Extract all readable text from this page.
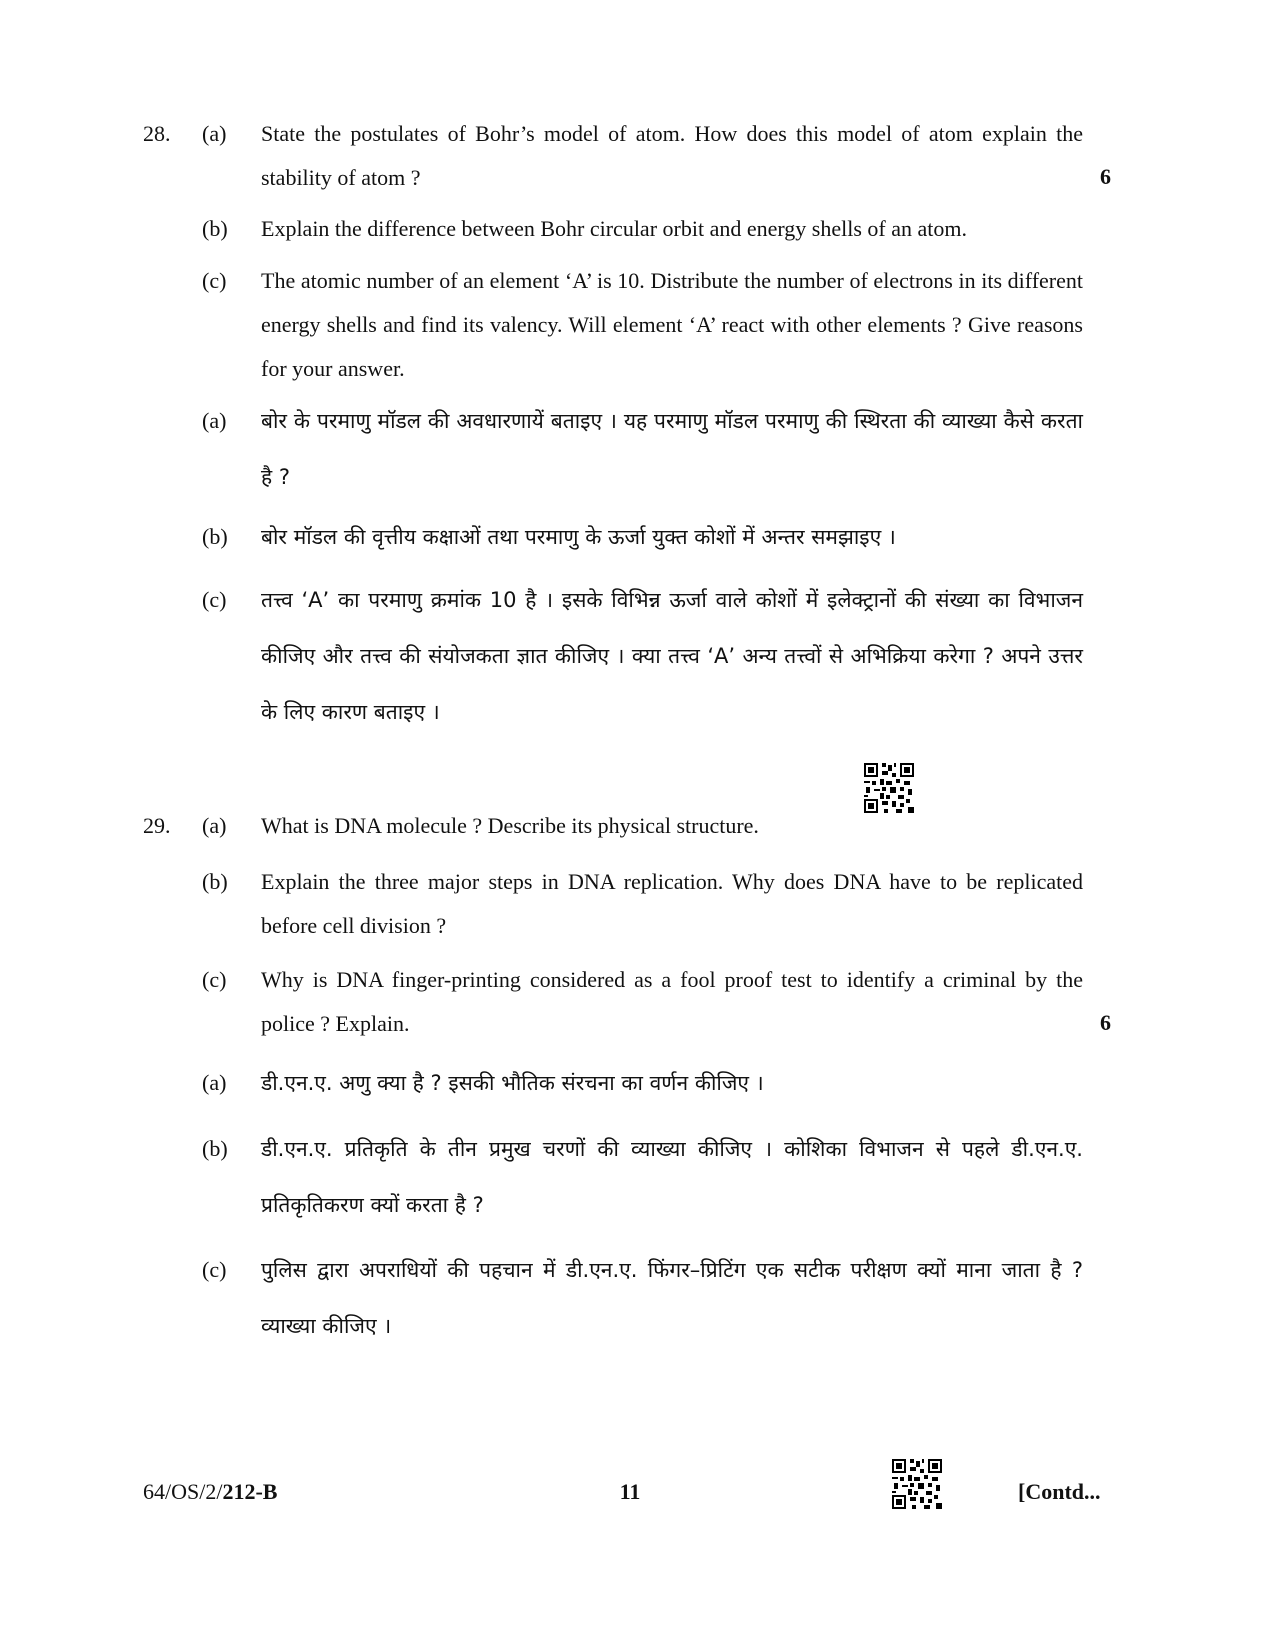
28. (a) State the postulates of Bohr’s model of atom. How does this model of atom explain the stability of atom ?	6
(b) Explain the difference between Bohr circular orbit and energy shells of an atom.
(c) The atomic number of an element ‘A’ is 10. Distribute the number of electrons in its different energy shells and find its valency. Will element ‘A’ react with other elements ? Give reasons for your answer.
(a) बोर के परमाणु मॉडल की अवधारणायें बताइए । यह परमाणु मॉडल परमाणु की स्थिरता की व्याख्या कैसे करता है ?
(b) बोर मॉडल की वृत्तीय कक्षाओं तथा परमाणु के ऊर्जा युक्त कोशों में अन्तर समझाइए ।
(c) तत्त्व ‘A’ का परमाणु क्रमांक 10 है । इसके विभिन्न ऊर्जा वाले कोशों में इलेक्ट्रानों की संख्या का विभाजन कीजिए और तत्त्व की संयोजकता ज्ञात कीजिए । क्या तत्त्व ‘A’ अन्य तत्त्वों से अभिक्रिया करेगा ? अपने उत्तर के लिए कारण बताइए ।
29. (a) What is DNA molecule ? Describe its physical structure.
(b) Explain the three major steps in DNA replication. Why does DNA have to be replicated before cell division ?
(c) Why is DNA finger-printing considered as a fool proof test to identify a criminal by the police ? Explain.	6
(a) डी.एन.ए. अणु क्या है ? इसकी भौतिक संरचना का वर्णन कीजिए ।
(b) डी.एन.ए. प्रतिकृति के तीन प्रमुख चरणों की व्याख्या कीजिए । कोशिका विभाजन से पहले डी.एन.ए. प्रतिकृतिकरण क्यों करता है ?
(c) पुलिस द्वारा अपराधियों की पहचान में डी.एन.ए. फिंगर–प्रिटिंग एक सटीक परीक्षण क्यों माना जाता है ? व्याख्या कीजिए ।
64/OS/2/212-B	11	[Contd...
